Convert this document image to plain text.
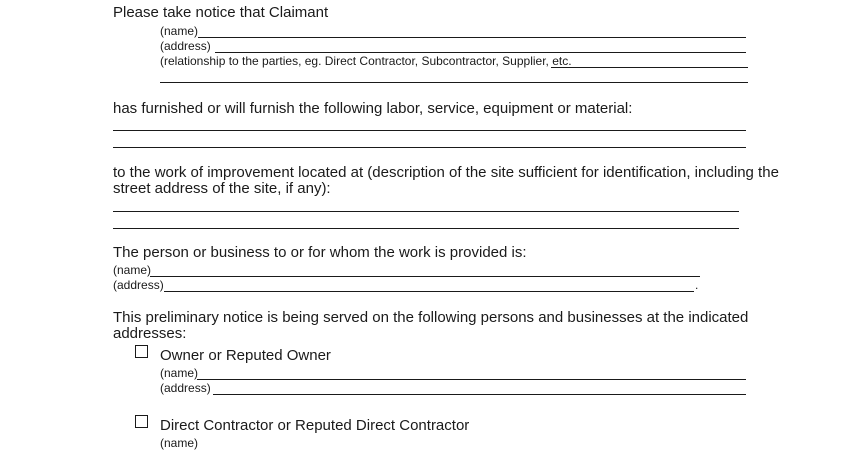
Please take notice that Claimant
(name)
(address)
(relationship to the parties, eg. Direct Contractor, Subcontractor, Supplier, etc.
has furnished or will furnish the following labor, service, equipment or material:
to the work of improvement located at (description of the site sufficient for identification, including the
street address of the site, if any):
The person or business to or for whom the work is provided is:
(name)
(address)	.
This preliminary notice is being served on the following persons and businesses at the indicated
addresses:
Owner or Reputed Owner
(name)
(address)
Direct Contractor or Reputed Direct Contractor
(name)
